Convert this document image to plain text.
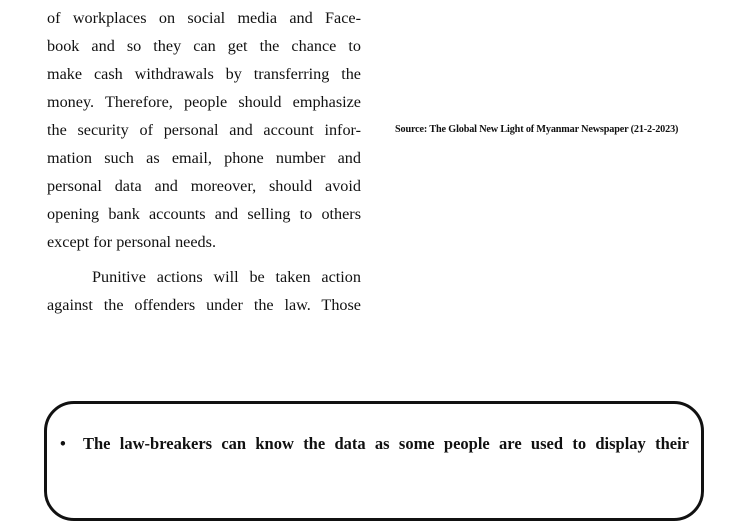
of workplaces on social media and Face-
book and so they can get the chance to
make cash withdrawals by transferring the
money. Therefore, people should emphasize
the security of personal and account infor-
mation such as email, phone number and
personal data and moreover, should avoid
opening bank accounts and selling to others
except for personal needs.
Punitive actions will be taken action
against the offenders under the law. Those
Source: The Global New Light of Myanmar Newspaper (21-2-2023)
• The law-breakers can know the data as some people are used to display their
